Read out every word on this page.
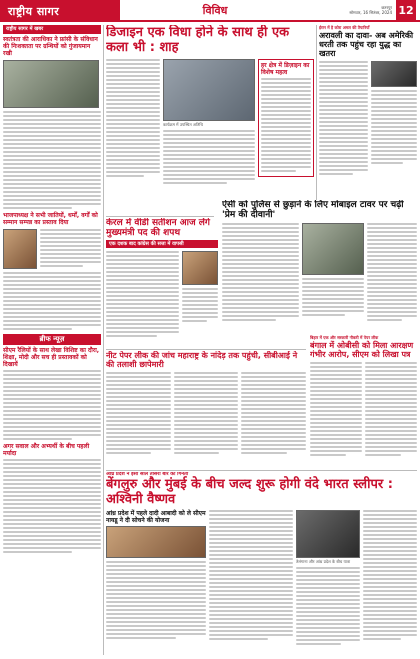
राष्ट्रीय सागर	विविध	छतरपुर
सोमवार, 16 सितंबर, 2024 12
राष्ट्रीय सागर में खबर
स्वतंत्रता की आराधिका ने फ्रांसी के संविधान की निःशक्तता पर ग्रन्थियों को गुंजायमान रखी
भाजपाध्यक्ष ने सभी जातियों, धर्मों, वर्गों को सम्मान सम्पन्न का प्रस्ताव दिया
ब्रीफ न्यूज़
सीएम रैलियों के साथ लेखा विशिष्ट का दौरा, शिक्षा, मोदी और सच ही प्रस्तावकों को दिखायें
अगर सवाल और अभ्यर्थी के बीच पहली मर्यादा
डिजाइन एक विधा होने के साथ ही एक कला भी : शाह
कार्यक्रम में उपस्थित अतिथि
हर क्षेत्र में डिज़ाइन का विशेष महत्व
ईरान में है कोरा अमल की तैयारियाँ
अरावली का दावा- अब अमेरिकी धरती तक पहुंच रहा युद्ध का खतरा
केरल में वीडी सतीशन आज लेंगे मुख्यमंत्री पद की शपथ
एक दशक बाद कांग्रेस की सत्ता में वापसी
ऐसी को पुलिस से छुड़ाने के लिए मोबाइल टावर पर चढ़ी 'प्रेम की दीवानी'
नीट पेपर लीक की जांच महाराष्ट्र के नांदेड़ तक पहुंची, सीबीआई ने की तलाशी छापेमारी
बिहार में एक और सरकारी नौकरी में पेपर लीक
बंगाल में ओबीसी को मिला आरक्षण गंभीर आरोप, सीएम को लिखा पत्र
आंध्र प्रदेश ने इसी साल तीसरी बार की गिनती
बेंगलुरु और मुंबई के बीच जल्द शुरू होगी वंदे भारत स्लीपर : अश्विनी वैष्णव
आंध्र प्रदेश में पहले दादी आबादी को ले सीएम नायडू ने दी सोचने की योजना
तेलंगाना और आंध्र प्रदेश के बीच यात्रा
